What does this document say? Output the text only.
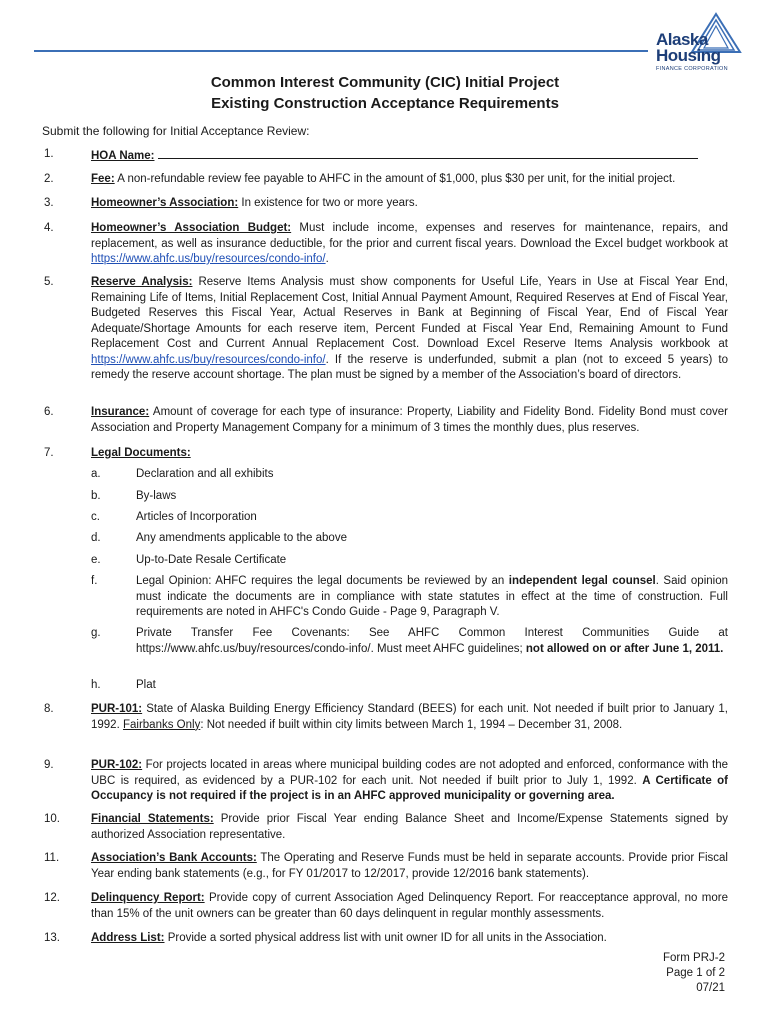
Alaska
Housing
FINANCE CORPORATION
Common Interest Community (CIC) Initial Project
Existing Construction Acceptance Requirements
Submit the following for Initial Acceptance Review:
1.	HOA Name:
2.	Fee: A non-refundable review fee payable to AHFC in the amount of $1,000, plus $30 per unit, for the initial project.
3.	Homeowner’s Association: In existence for two or more years.
4.	Homeowner’s Association Budget: Must include income, expenses and reserves for maintenance, repairs, and replacement, as well as insurance deductible, for the prior and current fiscal years. Download the Excel budget workbook at https://www.ahfc.us/buy/resources/condo-info/.
5.	Reserve Analysis: Reserve Items Analysis must show components for Useful Life, Years in Use at Fiscal Year End, Remaining Life of Items, Initial Replacement Cost, Initial Annual Payment Amount, Required Reserves at End of Fiscal Year, Budgeted Reserves this Fiscal Year, Actual Reserves in Bank at Beginning of Fiscal Year, End of Fiscal Year Adequate/Shortage Amounts for each reserve item, Percent Funded at Fiscal Year End, Remaining Amount to Fund Replacement Cost and Current Annual Replacement Cost. Download Excel Reserve Items Analysis workbook at https://www.ahfc.us/buy/resources/condo-info/. If the reserve is underfunded, submit a plan (not to exceed 5 years) to remedy the reserve account shortage. The plan must be signed by a member of the Association’s board of directors.
6.	Insurance: Amount of coverage for each type of insurance: Property, Liability and Fidelity Bond. Fidelity Bond must cover Association and Property Management Company for a minimum of 3 times the monthly dues, plus reserves.
7.	Legal Documents:
a.	Declaration and all exhibits
b.	By-laws
c.	Articles of Incorporation
d.	Any amendments applicable to the above
e.	Up-to-Date Resale Certificate
f.	Legal Opinion: AHFC requires the legal documents be reviewed by an independent legal counsel. Said opinion must indicate the documents are in compliance with state statutes in effect at the time of construction. Full requirements are noted in AHFC's Condo Guide - Page 9, Paragraph V.
g.	Private Transfer Fee Covenants: See AHFC Common Interest Communities Guide at https://www.ahfc.us/buy/resources/condo-info/. Must meet AHFC guidelines; not allowed on or after June 1, 2011.
h.	Plat
8.	PUR-101: State of Alaska Building Energy Efficiency Standard (BEES) for each unit. Not needed if built prior to January 1, 1992. Fairbanks Only: Not needed if built within city limits between March 1, 1994 – December 31, 2008.
9.	PUR-102: For projects located in areas where municipal building codes are not adopted and enforced, conformance with the UBC is required, as evidenced by a PUR-102 for each unit. Not needed if built prior to July 1, 1992. A Certificate of Occupancy is not required if the project is in an AHFC approved municipality or governing area.
10.	Financial Statements: Provide prior Fiscal Year ending Balance Sheet and Income/Expense Statements signed by authorized Association representative.
11.	Association’s Bank Accounts: The Operating and Reserve Funds must be held in separate accounts. Provide prior Fiscal Year ending bank statements (e.g., for FY 01/2017 to 12/2017, provide 12/2016 bank statements).
12.	Delinquency Report: Provide copy of current Association Aged Delinquency Report. For reacceptance approval, no more than 15% of the unit owners can be greater than 60 days delinquent in regular monthly assessments.
13.	Address List: Provide a sorted physical address list with unit owner ID for all units in the Association.
Form PRJ-2
Page 1 of 2
07/21
